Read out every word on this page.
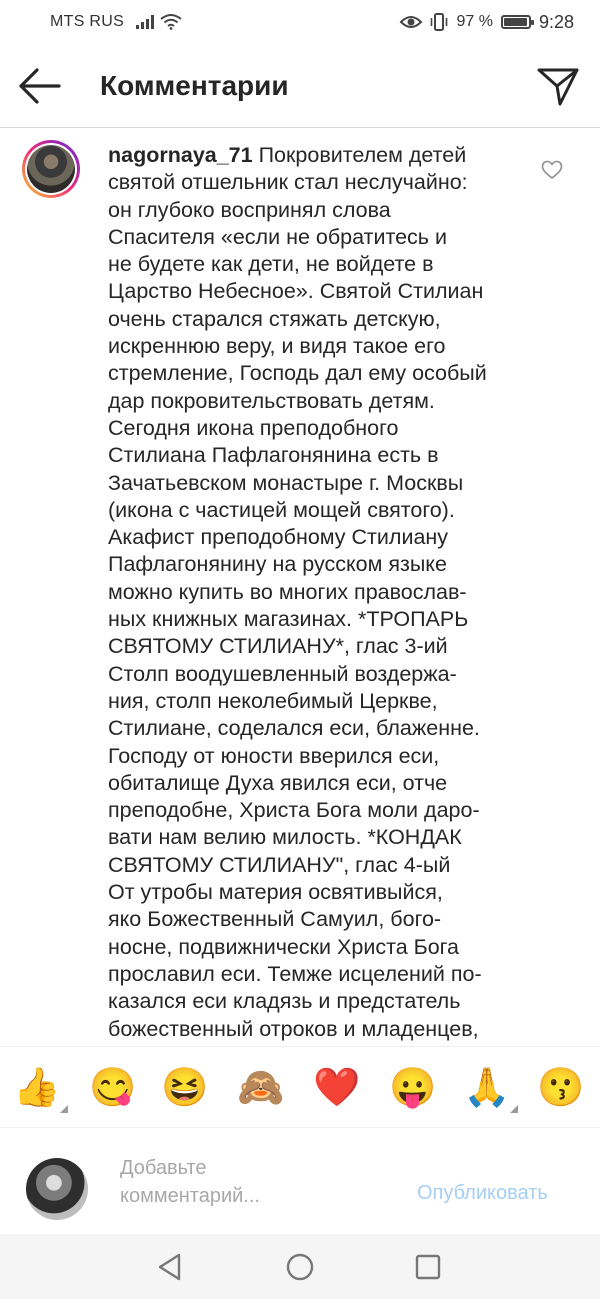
MTS RUS	97 %	9:28
Комментарии
nagornaya_71 Покровителем детей
святой отшельник стал неслучайно:
он глубоко воспринял слова
Спасителя «если не обратитесь и
не будете как дети, не войдете в
Царство Небесное». Святой Стилиан
очень старался стяжать детскую,
искреннюю веру, и видя такое его
стремление, Господь дал ему особый
дар покровительствовать детям.
Сегодня икона преподобного
Стилиана Пафлагонянина есть в
Зачатьевском монастыре г. Москвы
(икона с частицей мощей святого).
Акафист преподобному Стилиану
Пафлагонянину на русском языке
можно купить во многих православ-
ных книжных магазинах. *ТРОПАРЬ
СВЯТОМУ СТИЛИАНУ*, глас 3-ий
Столп воодушевленный воздержа-
ния, столп неколебимый Церкве,
Стилиане, соделался еси, блаженне.
Господу от юности вверился еси,
обиталище Духа явился еси, отче
преподобне, Христа Бога моли даро-
вати нам велию милость. *КОНДАК
СВЯТОМУ СТИЛИАНУ", глас 4-ый
От утробы материя освятивыйся,
яко Божественный Самуил, бого-
носне, подвижнически Христа Бога
прославил еси. Темже исцелений по-
казался еси кладязь и предстатель
божественный отроков и младенцев,

👍 😋 😆 🙈 ❤️ 😛 🙏 😗
Добавьте
комментарий...	Опубликовать
